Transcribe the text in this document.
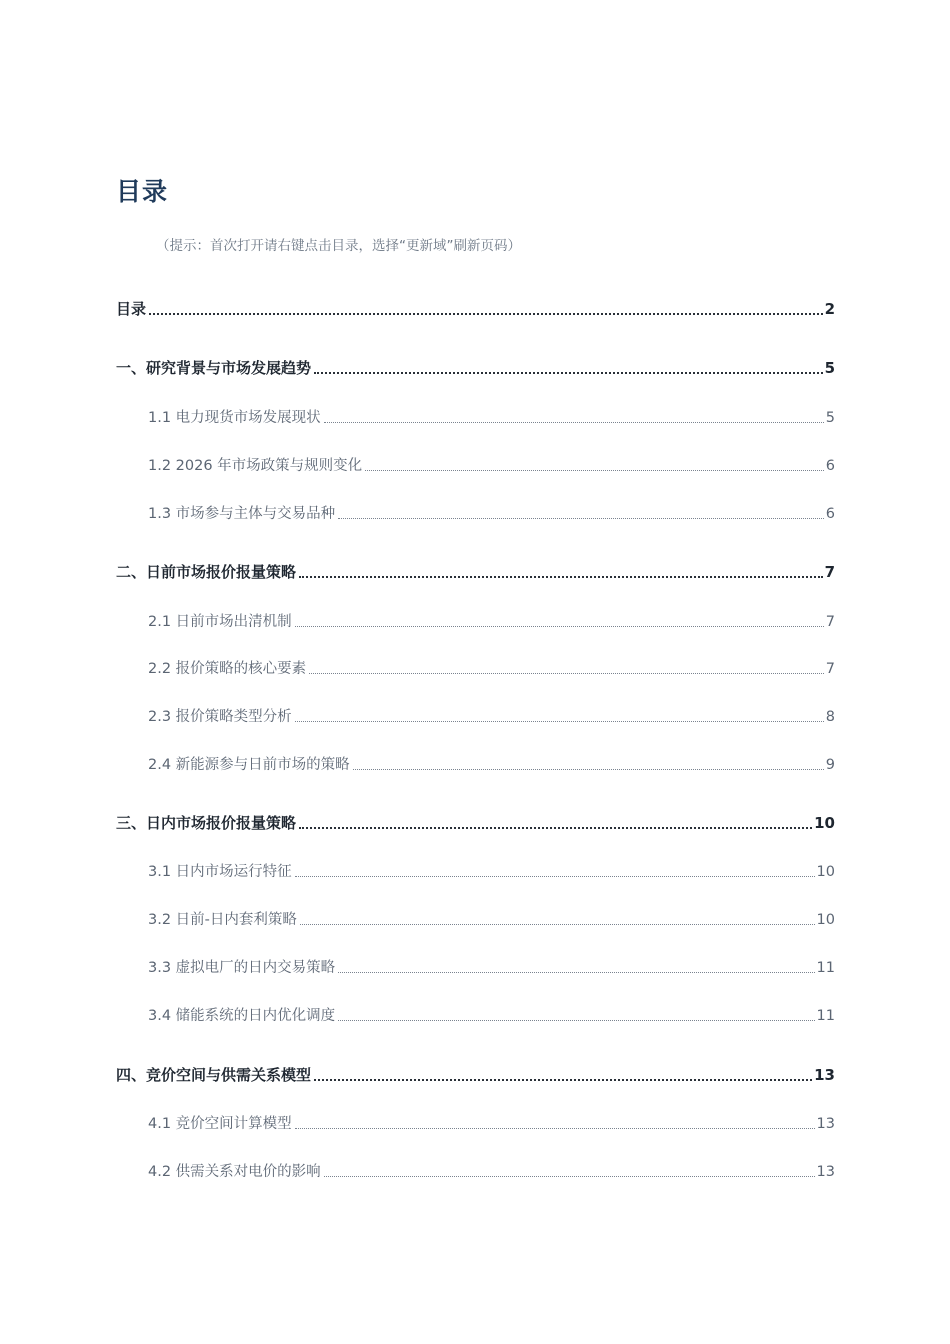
目录
（提示：首次打开请右键点击目录，选择“更新域”刷新页码）
目录	2
一、研究背景与市场发展趋势	5
1.1 电力现货市场发展现状	5
1.2 2026 年市场政策与规则变化	6
1.3 市场参与主体与交易品种	6
二、日前市场报价报量策略	7
2.1 日前市场出清机制	7
2.2 报价策略的核心要素	7
2.3 报价策略类型分析	8
2.4 新能源参与日前市场的策略	9
三、日内市场报价报量策略	10
3.1 日内市场运行特征	10
3.2 日前-日内套利策略	10
3.3 虚拟电厂的日内交易策略	11
3.4 储能系统的日内优化调度	11
四、竞价空间与供需关系模型	13
4.1 竞价空间计算模型	13
4.2 供需关系对电价的影响	13
